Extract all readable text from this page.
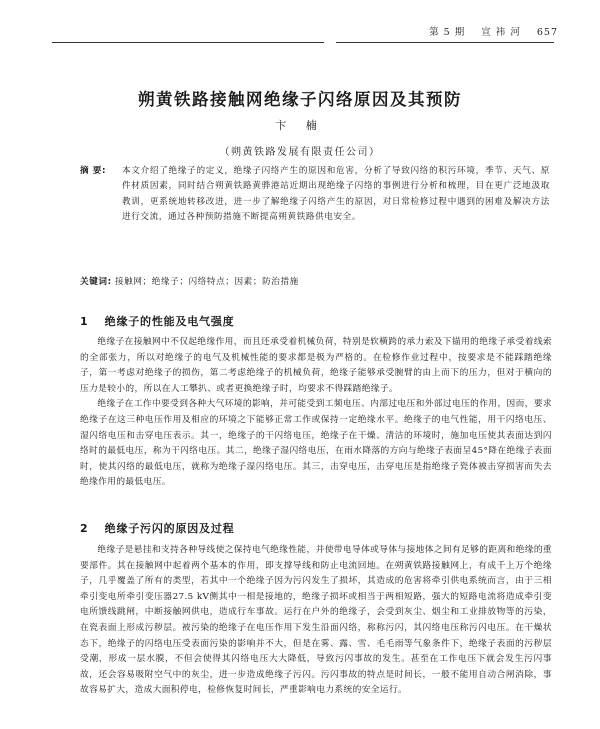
第 5 期 宣 祎 河 657
朔黄铁路接触网绝缘子闪络原因及其预防
卞 楠
（朔黄铁路发展有限责任公司）
摘 要:	本文介绍了绝缘子的定义，绝缘子闪络产生的原因和危害，分析了导致闪络的积污环境，季节、天气、原件材质因素，同时结合朔黄铁路黄骅港站近期出现绝缘子闪络的事例进行分析和梳理，目在更广泛地汲取教训，更系统地转移改进，进一步了解绝缘子闪络产生的原因，对日常检修过程中遇到的困难及解决方法进行交流，通过各种预防措施不断提高朔黄铁路供电安全。
关键词: 接触网；绝缘子；闪络特点；因素；防治措施
1 绝缘子的性能及电气强度

绝缘子在接触网中不仅起绝缘作用，而且还承受着机械负荷，特别是软横跨的承力索及下锚用的绝缘子承受着线索的全部张力，所以对绝缘子的电气及机械性能的要求都是极为严格的。在检修作业过程中，按要求是不能踩踏绝缘子，第一考虑对绝缘子的损伤，第二考虑绝缘子的机械负荷，绝缘子能够承受腕臂的由上而下的压力，但对于横向的压力是较小的，所以在人工攀扒、或者更换绝缘子时，均要求不得踩踏绝缘子。

绝缘子在工作中要受到各种大气环境的影响，并可能受到工频电压、内部过电压和外部过电压的作用，因而，要求绝缘子在这三种电压作用及相应的环境之下能够正常工作或保持一定绝缘水平。绝缘子的电气性能，用干闪络电压、湿闪络电压和击穿电压表示。其一，绝缘子的干闪络电压，绝缘子在干燥、清洁的环境时，施加电压使其表面达到闪络时的最低电压，称为干闪络电压。其二，绝缘子湿闪络电压，在雨水降落的方向与绝缘子表面呈45°降在绝缘子表面时，使其闪络的最低电压，就称为绝缘子湿闪络电压。其三，击穿电压，击穿电压是指绝缘子瓷体被击穿损害而失去绝缘作用的最低电压。

2 绝缘子污闪的原因及过程

绝缘子是悬挂和支持各种导线使之保持电气绝缘性能，并使带电导体或导体与接地体之间有足够的距离和绝缘的重要部件。其在接触网中起着两个基本的作用，即支撑导线和防止电流回地。在朔黄铁路接触网上，有成千上万个绝缘子，几乎覆盖了所有的类型，若其中一个绝缘子因为污闪发生了损坏，其造成的危害将牵引供电系统而言，由于三相牵引变电所牵引变压器27.5 kV侧其中一相是接地的，绝缘子损坏或相当于两相短路，强大的短路电流将造成牵引变电所馈线跳闸，中断接触网供电，造成行车事故。运行在户外的绝缘子，会受到灰尘、烟尘和工业排放物等的污染，在瓷表面上形成污秽层。被污染的绝缘子在电压作用下发生沿面闪络，称称污闪，其闪络电压称污闪电压。在干燥状态下，绝缘子的闪络电压受表面污染的影响并不大，但是在雾、露、雪、毛毛雨等气象条件下，绝缘子表面的污秽层受潮，形成一层水膜，不但会使得其闪络电压大大降低，导致污闪事故的发生。甚至在工作电压下就会发生污闪事故，还会容易吸附空气中的灰尘，进一步造成绝缘子污闪。污闪事故的特点是时间长，一般不能用自动合闸消除，事故容易扩大，造成大面积停电，检修恢复时间长，严重影响电力系统的安全运行。
